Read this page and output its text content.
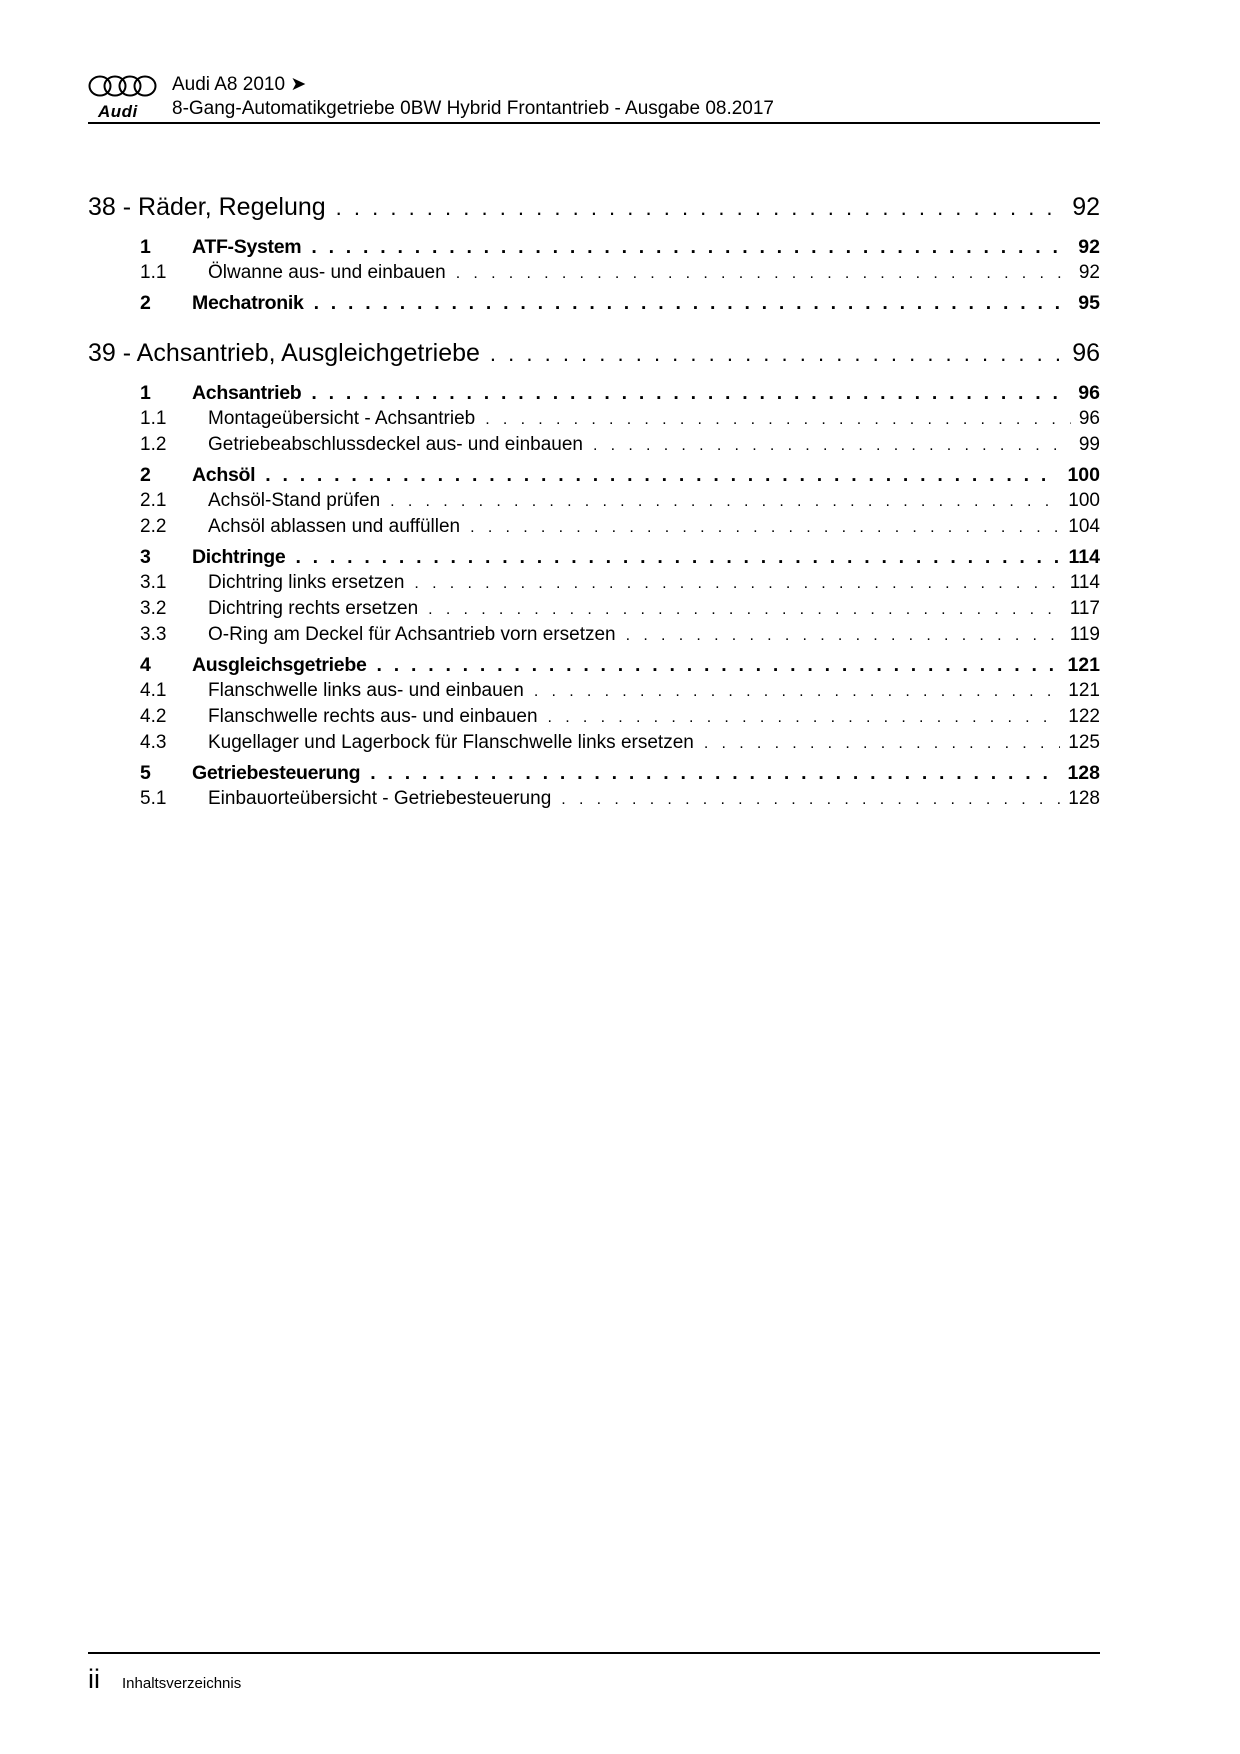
Audi
Audi A8 2010 ➤
8-Gang-Automatikgetriebe 0BW Hybrid Frontantrieb - Ausgabe 08.2017
38 - Räder, Regelung . . .	92
1	ATF-System . . .	92
1.1	Ölwanne aus- und einbauen . . .	92
2	Mechatronik . . .	95
39 - Achsantrieb, Ausgleichgetriebe . . .	96
1	Achsantrieb . . .	96
1.1	Montageübersicht - Achsantrieb . . .	96
1.2	Getriebeabschlussdeckel aus- und einbauen . . .	99
2	Achsöl . . .	100
2.1	Achsöl-Stand prüfen . . .	100
2.2	Achsöl ablassen und auffüllen . . .	104
3	Dichtringe . . .	114
3.1	Dichtring links ersetzen . . .	114
3.2	Dichtring rechts ersetzen . . .	117
3.3	O-Ring am Deckel für Achsantrieb vorn ersetzen . . .	119
4	Ausgleichsgetriebe . . .	121
4.1	Flanschwelle links aus- und einbauen . . .	121
4.2	Flanschwelle rechts aus- und einbauen . . .	122
4.3	Kugellager und Lagerbock für Flanschwelle links ersetzen . . .	125
5	Getriebesteuerung . . .	128
5.1	Einbauorteübersicht - Getriebesteuerung . . .	128
ii Inhaltsverzeichnis
